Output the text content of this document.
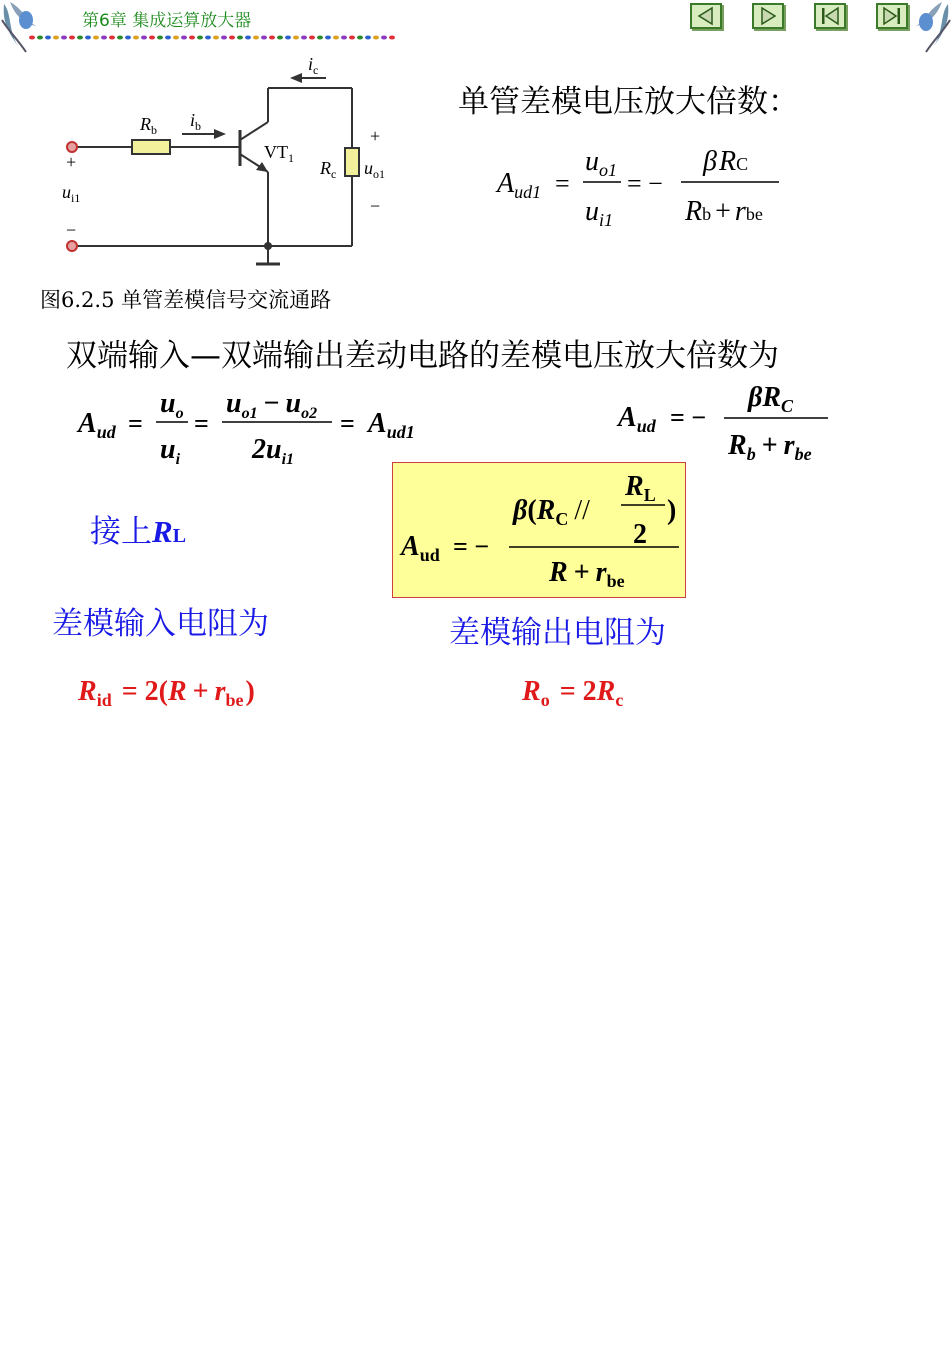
第6章 集成运算放大器
$i_c$
$i_b$
$R_b$
$VT_1$ $R_c$ $u_{o1}$
+
−
+
−
$u_{i1}$
图6.2.5 单管差模信号交流通路
单管差模电压放大倍数：
$A_{ud1}$ =
$u_{o1}$
$u_{i1}$
= −
βRC
Rb + rbe
双端输入—双端输出差动电路的差模电压放大倍数为
$A_{ud}$ =
$u_o$
$u_i$
=
$u_{o1} - u_{o2}$
$2u_{i1}$
= $A_{ud1}$	$A_{ud}$ = −
$\beta R_C$
$R_b + r_{be}$
接上RL	$A_{ud}$ = −
$\beta(R_C$ //
$R_L$
2
)
$R + r_{be}$
差模输入电阻为
$R_{id} = 2(R + r_{be})$
差模输出电阻为
$R_o = 2R_c$
